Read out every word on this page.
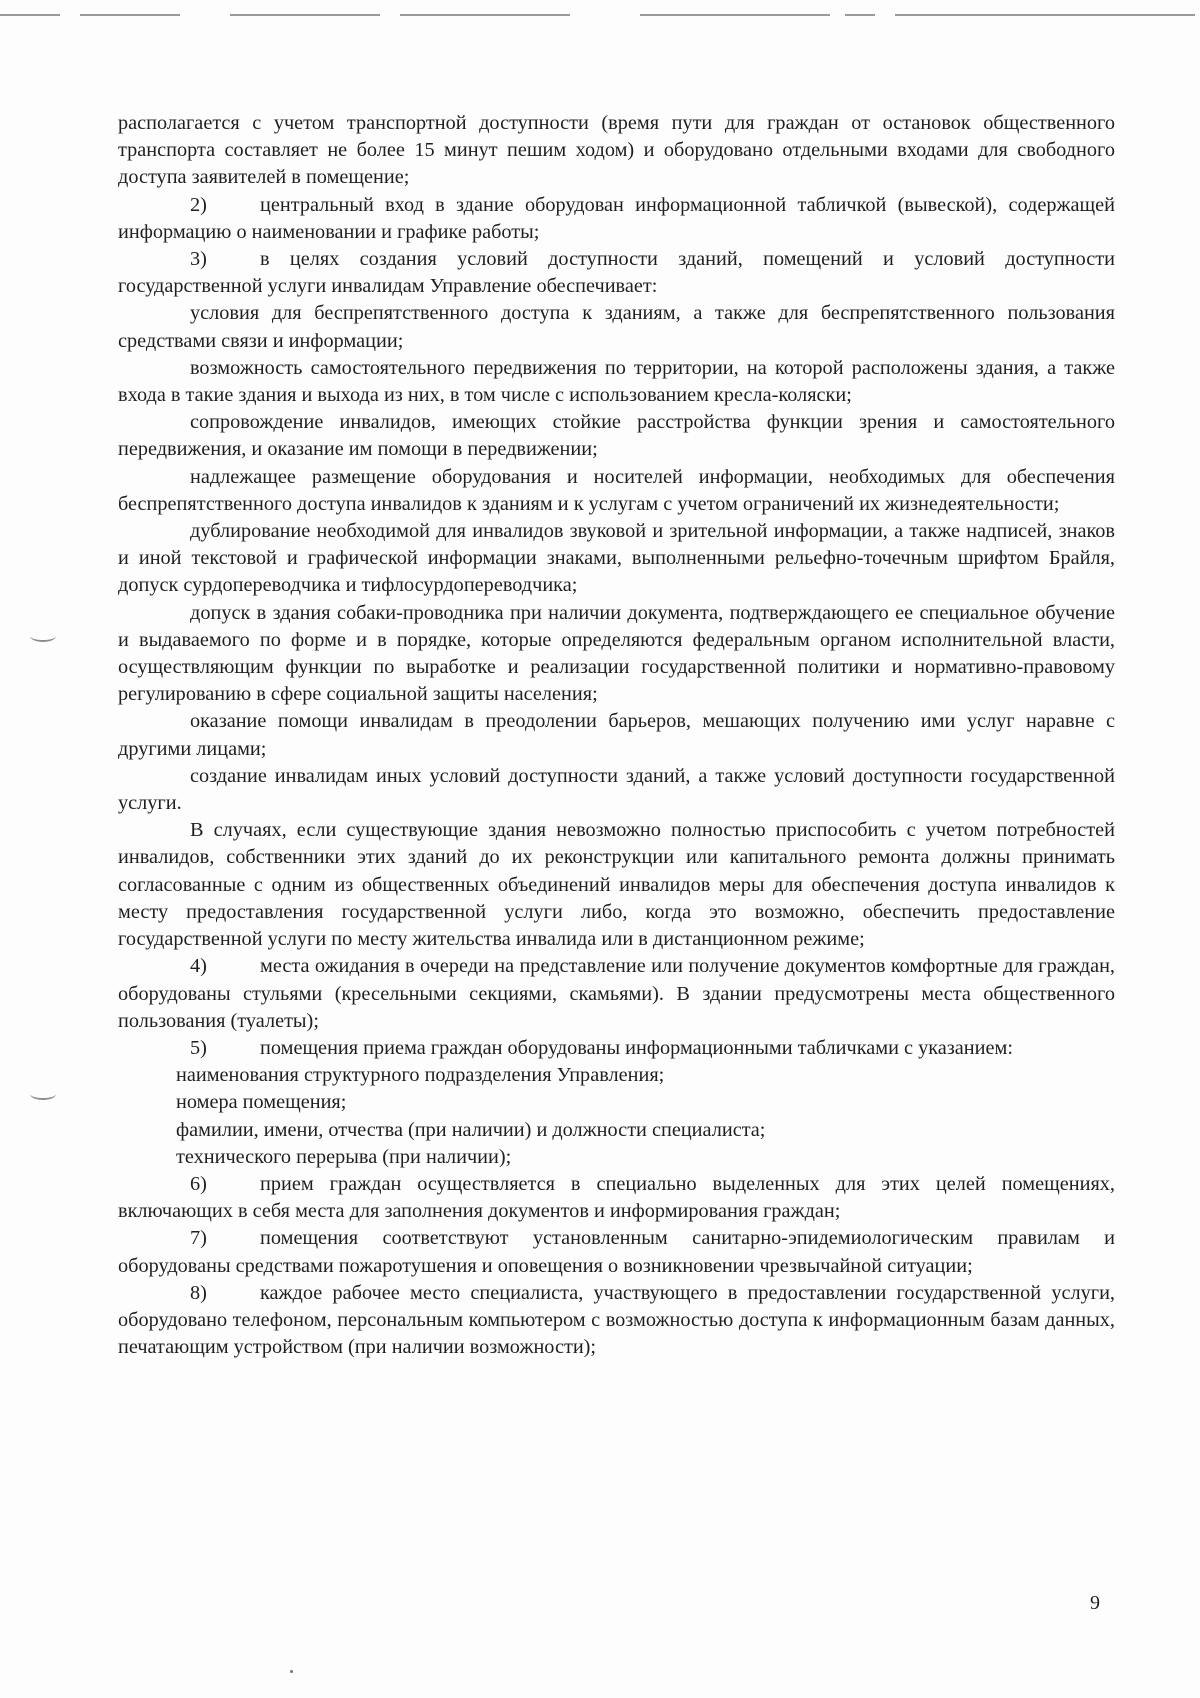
располагается с учетом транспортной доступности (время пути для граждан от остановок общественного транспорта составляет не более 15 минут пешим ходом) и оборудовано отдельными входами для свободного доступа заявителей в помещение;

2)	центральный вход в здание оборудован информационной табличкой (вывеской), содержащей информацию о наименовании и графике работы;

3)	в целях создания условий доступности зданий, помещений и условий доступности государственной услуги инвалидам Управление обеспечивает:

условия для беспрепятственного доступа к зданиям, а также для беспрепятственного пользования средствами связи и информации;

возможность самостоятельного передвижения по территории, на которой расположены здания, а также входа в такие здания и выхода из них, в том числе с использованием кресла-коляски;

сопровождение инвалидов, имеющих стойкие расстройства функции зрения и самостоятельного передвижения, и оказание им помощи в передвижении;

надлежащее размещение оборудования и носителей информации, необходимых для обеспечения беспрепятственного доступа инвалидов к зданиям и к услугам с учетом ограничений их жизнедеятельности;

дублирование необходимой для инвалидов звуковой и зрительной информации, а также надписей, знаков и иной текстовой и графической информации знаками, выполненными рельефно-точечным шрифтом Брайля, допуск сурдопереводчика и тифлосурдопереводчика;

допуск в здания собаки-проводника при наличии документа, подтверждающего ее специальное обучение и выдаваемого по форме и в порядке, которые определяются федеральным органом исполнительной власти, осуществляющим функции по выработке и реализации государственной политики и нормативно-правовому регулированию в сфере социальной защиты населения;

оказание помощи инвалидам в преодолении барьеров, мешающих получению ими услуг наравне с другими лицами;

создание инвалидам иных условий доступности зданий, а также условий доступности государственной услуги.

В случаях, если существующие здания невозможно полностью приспособить с учетом потребностей инвалидов, собственники этих зданий до их реконструкции или капитального ремонта должны принимать согласованные с одним из общественных объединений инвалидов меры для обеспечения доступа инвалидов к месту предоставления государственной услуги либо, когда это возможно, обеспечить предоставление государственной услуги по месту жительства инвалида или в дистанционном режиме;

4)	места ожидания в очереди на представление или получение документов комфортные для граждан, оборудованы стульями (кресельными секциями, скамьями). В здании предусмотрены места общественного пользования (туалеты);

5)	помещения приема граждан оборудованы информационными табличками с указанием:

наименования структурного подразделения Управления;

номера помещения;

фамилии, имени, отчества (при наличии) и должности специалиста;

технического перерыва (при наличии);

6)	прием граждан осуществляется в специально выделенных для этих целей помещениях, включающих в себя места для заполнения документов и информирования граждан;

7)	помещения соответствуют установленным санитарно-эпидемиологическим правилам и оборудованы средствами пожаротушения и оповещения о возникновении чрезвычайной ситуации;

8)	каждое рабочее место специалиста, участвующего в предоставлении государственной услуги, оборудовано телефоном, персональным компьютером с возможностью доступа к информационным базам данных, печатающим устройством (при наличии возможности);

9
